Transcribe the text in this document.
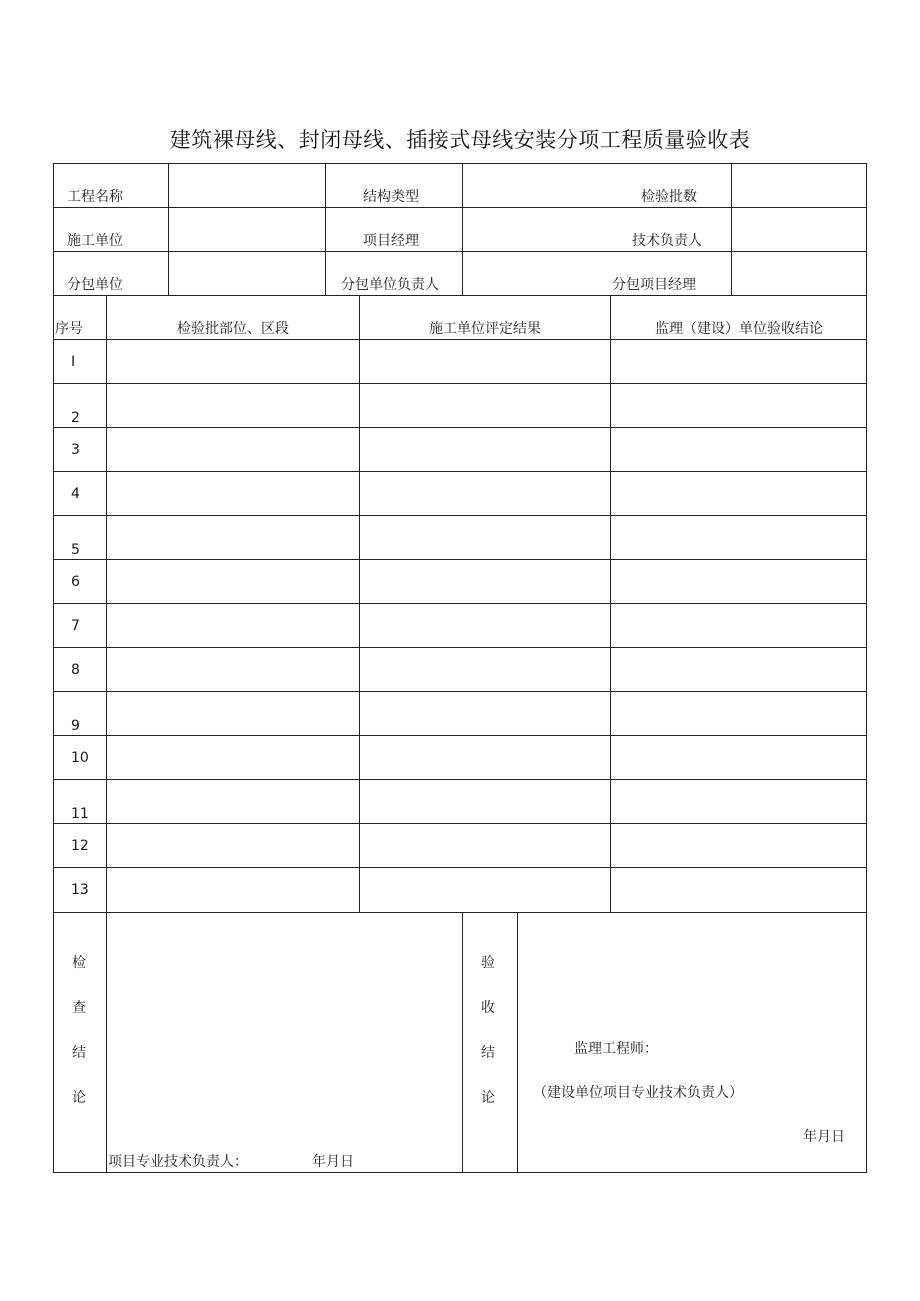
建筑裸母线、封闭母线、插接式母线安装分项工程质量验收表
工程名称	结构类型	检验批数
施工单位	项目经理	技术负责人
分包单位	分包单位负责人	分包项目经理
序号	检验批部位、区段	施工单位评定结果	监理（建设）单位验收结论
I
2
3
4
5
6
7
8
9
10
11
12
13
检
查
结
论
验
收
结
论
监理工程师：
（建设单位项目专业技术负责人）
年月日
项目专业技术负责人：	年月日
